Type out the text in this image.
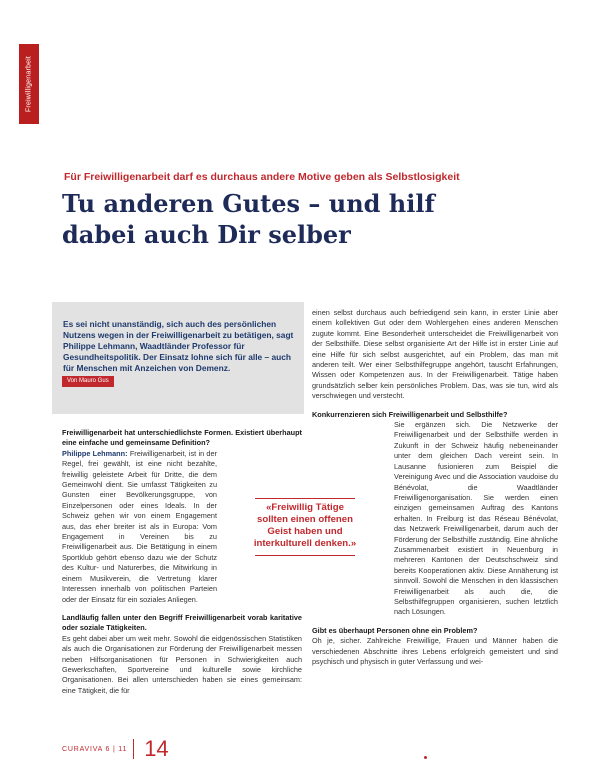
Freiwilligenarbeit
Für Freiwilligenarbeit darf es durchaus andere Motive geben als Selbstlosigkeit
Tu anderen Gutes – und hilf
dabei auch Dir selber

Es sei nicht unanständig, sich auch des persönlichen Nutzens wegen in der Freiwilligenarbeit zu betätigen, sagt Philippe Lehmann, Waadtländer Professor für Gesundheitspolitik. Der Einsatz lohne sich für alle – auch für Menschen mit Anzeichen von Demenz.

Von Mauro Gus

Freiwilligenarbeit hat unterschiedlichste Formen. Existiert überhaupt eine einfache und gemeinsame Definition?

Philippe Lehmann: Freiwilligenarbeit, ist in der Regel, frei gewählt, ist eine nicht bezahlte, freiwillig geleistete Arbeit für Dritte, die dem Gemeinwohl dient. Sie umfasst Tätigkeiten zu Gunsten einer Bevölkerungsgruppe, von Einzelpersonen oder eines Ideals. In der Schweiz gehen wir von einem Engagement aus, das eher breiter ist als in Europa: Vom Engagement in Vereinen bis zu Freiwilligenarbeit aus. Die Betätigung in einem Sportklub gehört ebenso dazu wie der Schutz des Kultur- und Naturerbes, die Mitwirkung in einem Musikverein, die Vertretung klarer Interessen innerhalb von politischen Parteien oder der Einsatz für ein soziales Anliegen.

Landläufig fallen unter den Begriff Freiwilligenarbeit vorab karitative oder soziale Tätigkeiten.

Es geht dabei aber um weit mehr. Sowohl die eidgenössischen Statistiken als auch die Organisationen zur Förderung der Freiwilligenarbeit messen neben Hilfsorganisationen für Personen in Schwierigkeiten auch Gewerkschaften, Sportvereine und kulturelle sowie kirchliche Organisationen. Bei allen unterschieden haben sie eines gemeinsam: eine Tätigkeit, die für

einen selbst durchaus auch befriedigend sein kann, in erster Linie aber einem kollektiven Gut oder dem Wohlergehen eines anderen Menschen zugute kommt. Eine Besonderheit unterscheidet die Freiwilligenarbeit von der Selbsthilfe. Diese selbst organisierte Art der Hilfe ist in erster Linie auf eine Hilfe für sich selbst ausgerichtet, auf ein Problem, das man mit anderen teilt. Wer einer Selbsthilfegruppe angehört, tauscht Erfahrungen, Wissen oder Kompetenzen aus. In der Freiwilligenarbeit. Tätige haben grundsätzlich selber kein persönliches Problem. Das, was sie tun, wird als verschwiegen und verstecht.

Konkurrenzieren sich Freiwilligenarbeit und Selbsthilfe?

Sie ergänzen sich. Die Netzwerke der Freiwilligenarbeit und der Selbsthilfe werden in Zukunft in der Schweiz häufig nebeneinander unter dem gleichen Dach vereint sein. In Lausanne fusionieren zum Beispiel die Vereinigung Avec und die Association vaudoise du Bénévolat, die Waadtländer Freiwilligenorganisation. Sie werden einen einzigen gemeinsamen Auftrag des Kantons erhalten. In Freiburg ist das Réseau Bénévolat, das Netzwerk Freiwilligenarbeit, darum auch der Förderung der Selbsthilfe zuständig. Eine ähnliche Zusammenarbeit existiert in Neuenburg in mehreren Kantonen der Deutschschweiz sind bereits Kooperationen aktiv. Diese Annäherung ist sinnvoll. Sowohl die Menschen in den klassischen Freiwilligenarbeit als auch die, die Selbsthilfegruppen organisieren, suchen letztlich nach Lösungen.

Gibt es überhaupt Personen ohne ein Problem?

Oh je, sicher. Zahlreiche Freiwillige, Frauen und Männer haben die verschiedenen Abschnitte ihres Lebens erfolgreich gemeistert und sind psychisch und physisch in guter Verfassung und wei-

«Freiwillig Tätige sollten einen offenen Geist haben und interkulturell denken.»
CURAVIVA 6 | 11 14
